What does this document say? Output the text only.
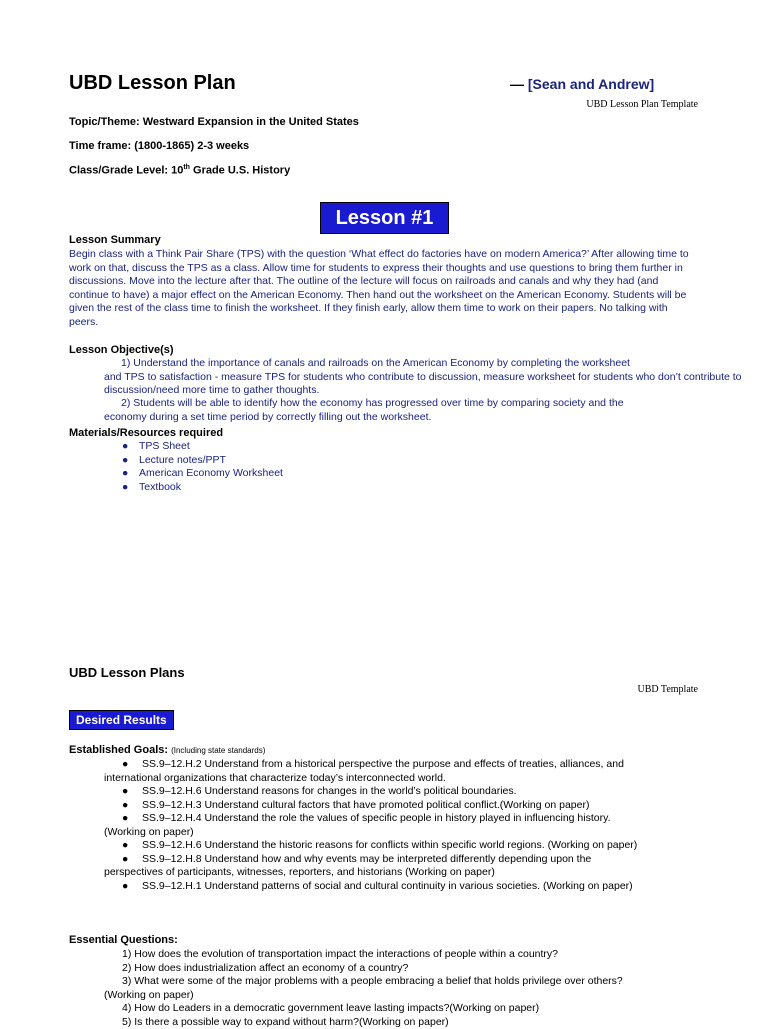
UBD Lesson Plan	— [Sean and Andrew]
UBD Lesson Plan Template
Topic/Theme: Westward Expansion in the United States
Time frame: (1800-1865) 2-3 weeks
Class/Grade Level: 10th Grade U.S. History
Lesson #1
Lesson Summary
Begin class with a Think Pair Share (TPS) with the question ‘What effect do factories have on modern America?’ After allowing time to work on that, discuss the TPS as a class. Allow time for students to express their thoughts and use questions to bring them further in discussions. Move into the lecture after that. The outline of the lecture will focus on railroads and canals and why they had (and continue to have) a major effect on the American Economy. Then hand out the worksheet on the American Economy. Students will be given the rest of the class time to finish the worksheet. If they finish early, allow them time to work on their papers. No talking with peers.
Lesson Objective(s)
1) Understand the importance of canals and railroads on the American Economy by completing the worksheet
and TPS to satisfaction - measure TPS for students who contribute to discussion, measure worksheet for students who don’t contribute to discussion/need more time to gather thoughts.
2) Students will be able to identify how the economy has progressed over time by comparing society and the
economy during a set time period by correctly filling out the worksheet.
Materials/Resources required
● TPS Sheet
● Lecture notes/PPT
● American Economy Worksheet
● Textbook
UBD Lesson Plans
UBD Template
Desired Results
Established Goals: (Including state standards)
● SS.9–12.H.2 Understand from a historical perspective the purpose and effects of treaties, alliances, and
international organizations that characterize today’s interconnected world.
● SS.9–12.H.6 Understand reasons for changes in the world’s political boundaries.
● SS.9–12.H.3 Understand cultural factors that have promoted political conflict.(Working on paper)
● SS.9–12.H.4 Understand the role the values of specific people in history played in influencing history.
(Working on paper)
● SS.9–12.H.6 Understand the historic reasons for conflicts within specific world regions. (Working on paper)
● SS.9–12.H.8 Understand how and why events may be interpreted differently depending upon the
perspectives of participants, witnesses, reporters, and historians (Working on paper)
● SS.9–12.H.1 Understand patterns of social and cultural continuity in various societies. (Working on paper)
Essential Questions:
1) How does the evolution of transportation impact the interactions of people within a country?
2) How does industrialization affect an economy of a country?
3) What were some of the major problems with a people embracing a belief that holds privilege over others?
(Working on paper)
4) How do Leaders in a democratic government leave lasting impacts?(Working on paper)
5) Is there a possible way to expand without harm?(Working on paper)
